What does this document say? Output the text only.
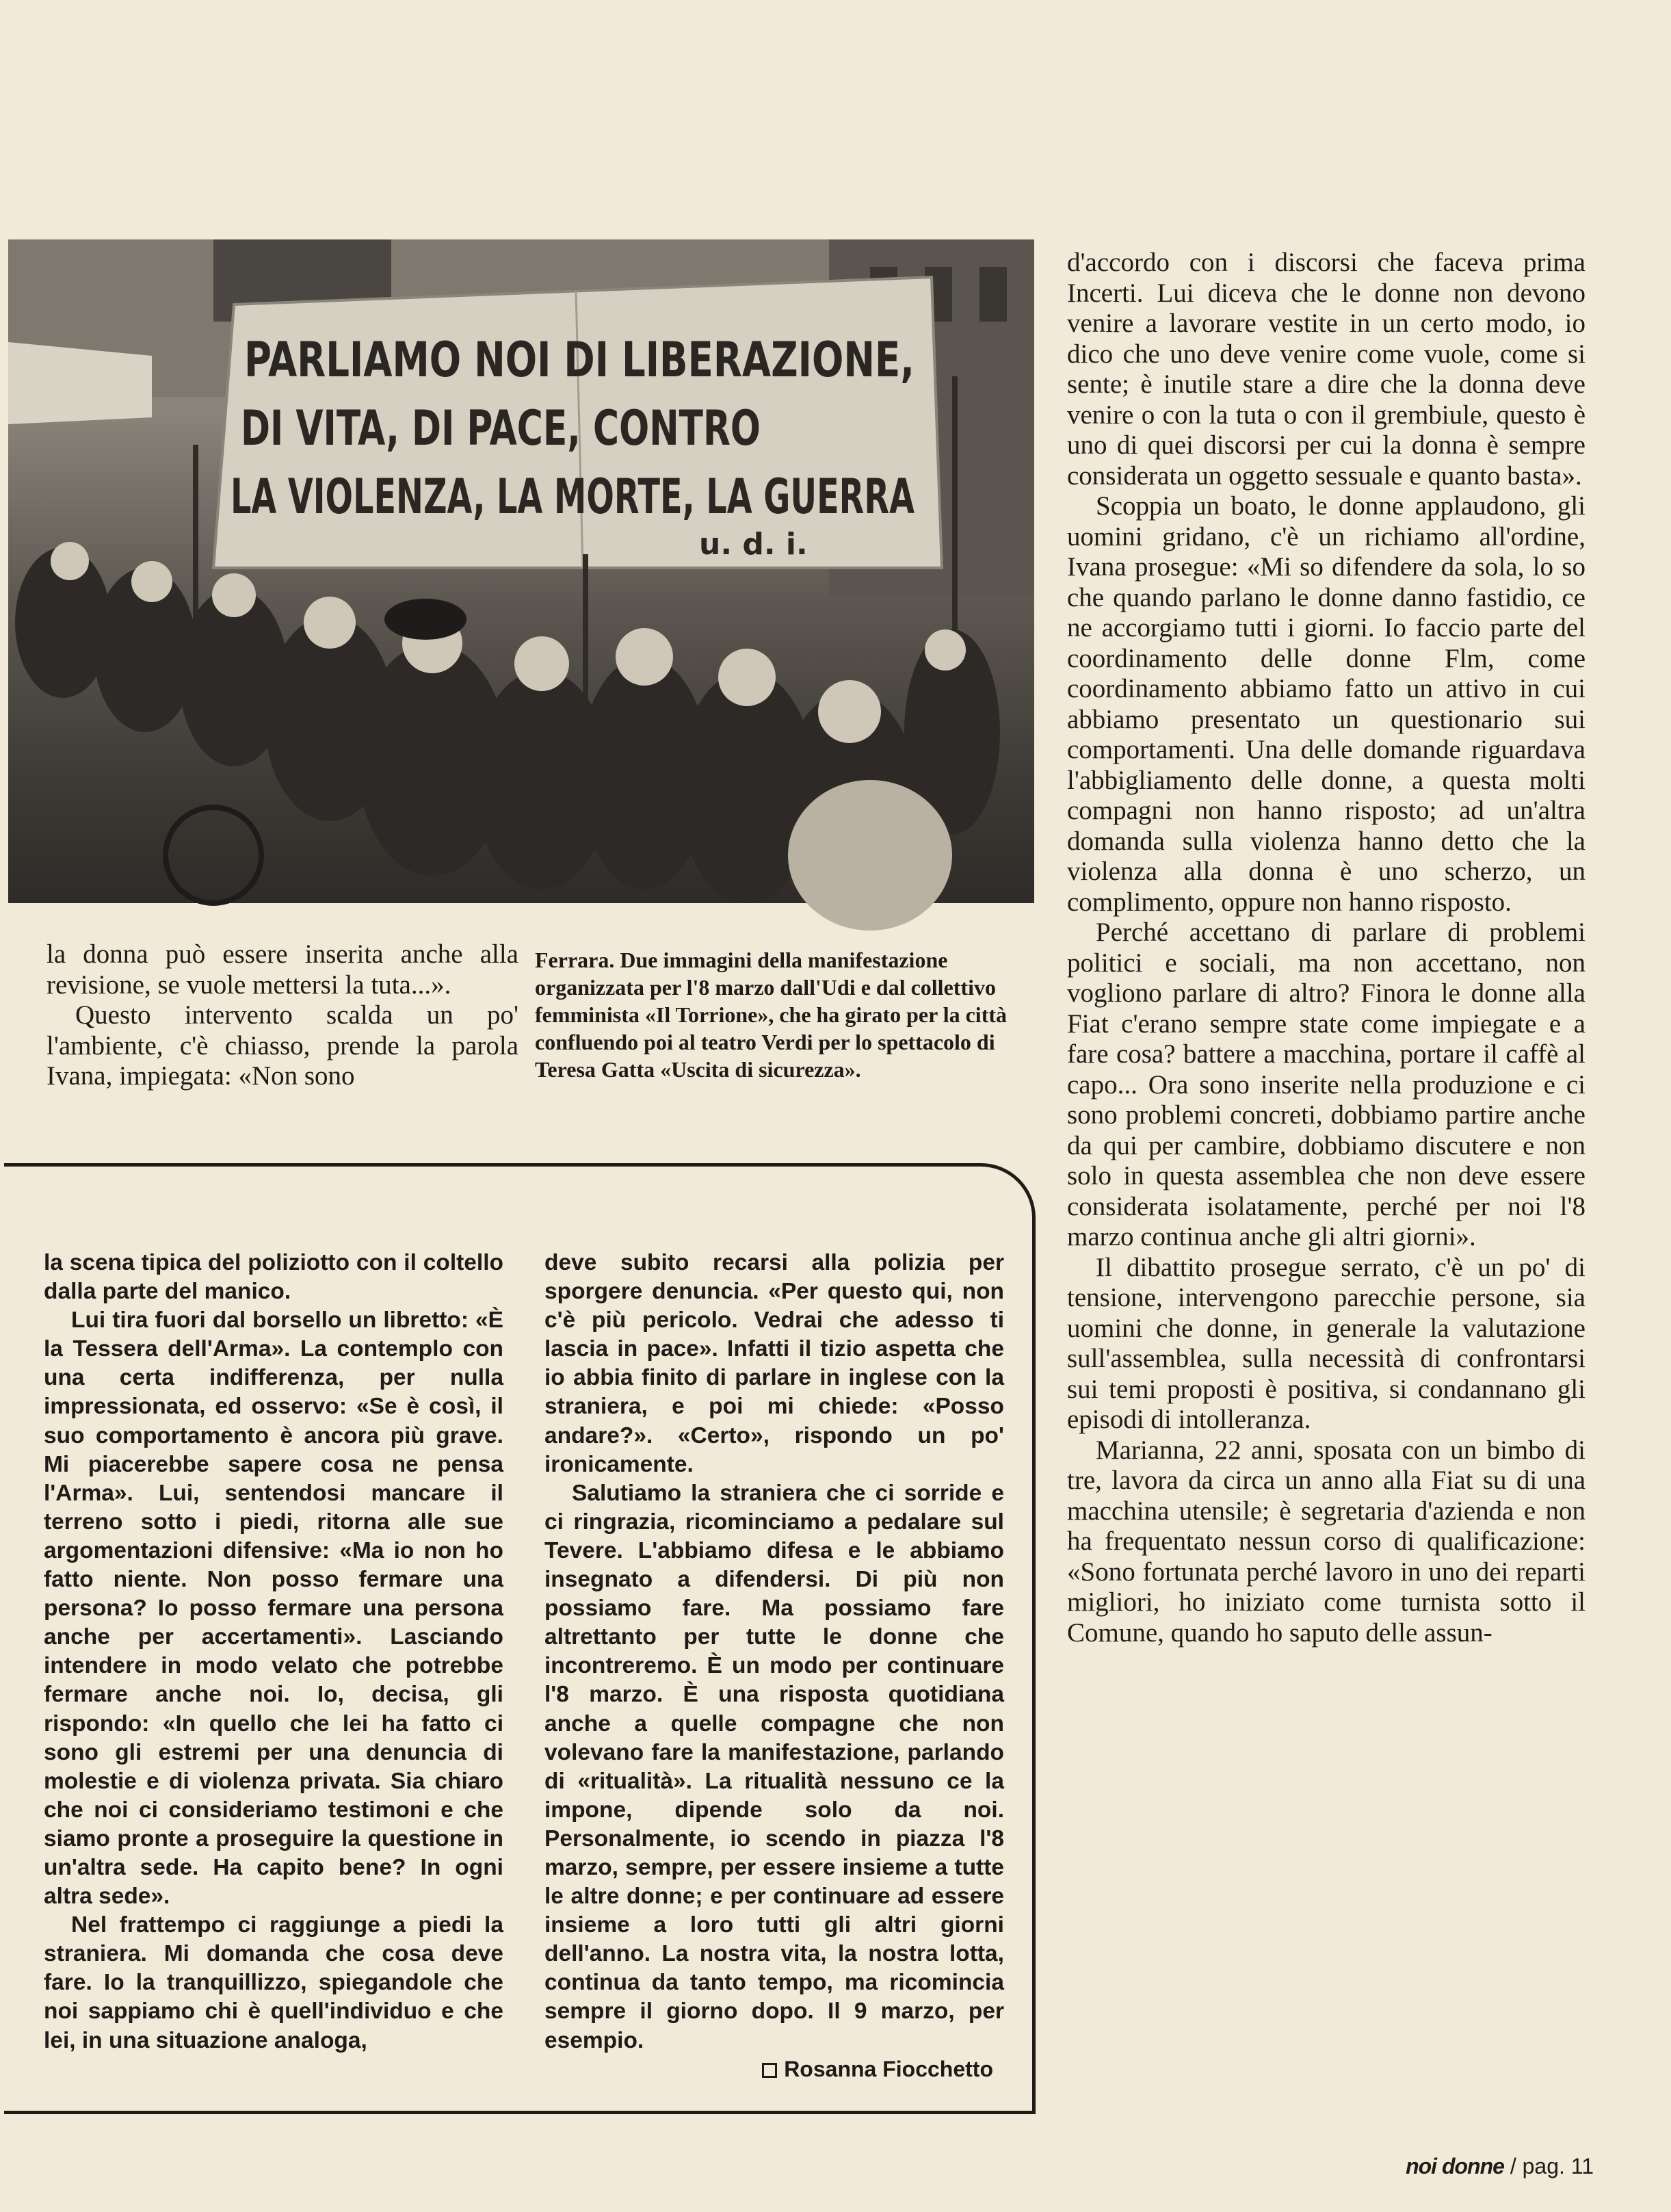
PARLIAMO NOI DI LIBERAZIONE,
DI VITA, DI PACE, CONTRO
LA VIOLENZA, LA MORTE, LA GUERRA
u. d. i.

la donna può essere inserita anche alla revisione, se vuole mettersi la tuta...».

Questo intervento scalda un po' l'ambiente, c'è chiasso, prende la parola Ivana, impiegata: «Non sono

Ferrara. Due immagini della manifestazione organizzata per l'8 marzo dall'Udi e dal collettivo femminista «Il Torrione», che ha girato per la città confluendo poi al teatro Verdi per lo spettacolo di Teresa Gatta «Uscita di sicurezza».

d'accordo con i discorsi che faceva prima Incerti. Lui diceva che le donne non devono venire a lavorare vestite in un certo modo, io dico che uno deve venire come vuole, come si sente; è inutile stare a dire che la donna deve venire o con la tuta o con il grembiule, questo è uno di quei discorsi per cui la donna è sempre considerata un oggetto sessuale e quanto basta».

Scoppia un boato, le donne applaudono, gli uomini gridano, c'è un richiamo all'ordine, Ivana prosegue: «Mi so difendere da sola, lo so che quando parlano le donne danno fastidio, ce ne accorgiamo tutti i giorni. Io faccio parte del coordinamento delle donne Flm, come coordinamento abbiamo fatto un attivo in cui abbiamo presentato un questionario sui comportamenti. Una delle domande riguardava l'abbigliamento delle donne, a questa molti compagni non hanno risposto; ad un'altra domanda sulla violenza hanno detto che la violenza alla donna è uno scherzo, un complimento, oppure non hanno risposto.

Perché accettano di parlare di problemi politici e sociali, ma non accettano, non vogliono parlare di altro? Finora le donne alla Fiat c'erano sempre state come impiegate e a fare cosa? battere a macchina, portare il caffè al capo... Ora sono inserite nella produzione e ci sono problemi concreti, dobbiamo partire anche da qui per cambire, dobbiamo discutere e non solo in questa assemblea che non deve essere considerata isolatamente, perché per noi l'8 marzo continua anche gli altri giorni».

Il dibattito prosegue serrato, c'è un po' di tensione, intervengono parecchie persone, sia uomini che donne, in generale la valutazione sull'assemblea, sulla necessità di confrontarsi sui temi proposti è positiva, si condannano gli episodi di intolleranza.

Marianna, 22 anni, sposata con un bimbo di tre, lavora da circa un anno alla Fiat su di una macchina utensile; è segretaria d'azienda e non ha frequentato nessun corso di qualificazione: «Sono fortunata perché lavoro in uno dei reparti migliori, ho iniziato come turnista sotto il Comune, quando ho saputo delle assun-

la scena tipica del poliziotto con il coltello dalla parte del manico.

Lui tira fuori dal borsello un libretto: «È la Tessera dell'Arma». La contemplo con una certa indifferenza, per nulla impressionata, ed osservo: «Se è così, il suo comportamento è ancora più grave. Mi piacerebbe sapere cosa ne pensa l'Arma». Lui, sentendosi mancare il terreno sotto i piedi, ritorna alle sue argomentazioni difensive: «Ma io non ho fatto niente. Non posso fermare una persona? Io posso fermare una persona anche per accertamenti». Lasciando intendere in modo velato che potrebbe fermare anche noi. Io, decisa, gli rispondo: «In quello che lei ha fatto ci sono gli estremi per una denuncia di molestie e di violenza privata. Sia chiaro che noi ci consideriamo testimoni e che siamo pronte a proseguire la questione in un'altra sede. Ha capito bene? In ogni altra sede».

Nel frattempo ci raggiunge a piedi la straniera. Mi domanda che cosa deve fare. Io la tranquillizzo, spiegandole che noi sappiamo chi è quell'individuo e che lei, in una situazione analoga,

deve subito recarsi alla polizia per sporgere denuncia. «Per questo qui, non c'è più pericolo. Vedrai che adesso ti lascia in pace». Infatti il tizio aspetta che io abbia finito di parlare in inglese con la straniera, e poi mi chiede: «Posso andare?». «Certo», rispondo un po' ironicamente.

Salutiamo la straniera che ci sorride e ci ringrazia, ricominciamo a pedalare sul Tevere. L'abbiamo difesa e le abbiamo insegnato a difendersi. Di più non possiamo fare. Ma possiamo fare altrettanto per tutte le donne che incontreremo. È un modo per continuare l'8 marzo. È una risposta quotidiana anche a quelle compagne che non volevano fare la manifestazione, parlando di «ritualità». La ritualità nessuno ce la impone, dipende solo da noi. Personalmente, io scendo in piazza l'8 marzo, sempre, per essere insieme a tutte le altre donne; e per continuare ad essere insieme a loro tutti gli altri giorni dell'anno. La nostra vita, la nostra lotta, continua da tanto tempo, ma ricomincia sempre il giorno dopo. Il 9 marzo, per esempio.

Rosanna Fiocchetto
noi donne / pag. 11
